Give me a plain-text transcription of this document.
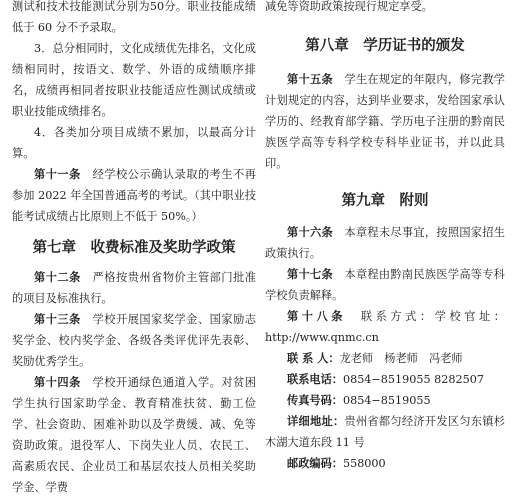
测试和技术技能测试分别为50分。职业技能成绩低于 60 分不予录取。

3．总分相同时，文化成绩优先排名，文化成绩相同时，按语文、数学、外语的成绩顺序排名，成绩再相同者按职业技能适应性测试成绩或职业技能成绩排名。

4．各类加分项目成绩不累加，以最高分计算。

第十一条　 经学校公示确认录取的考生不再参加 2022 年全国普通高考的考试。（其中职业技能考试成绩占比原则上不低于 50%。）

第七章　收费标准及奖助学政策

第十二条　 严格按贵州省物价主管部门批准的项目及标准执行。

第十三条　 学校开展国家奖学金、国家励志奖学金、校内奖学金、各级各类评优评先表彰、奖励优秀学生。

第十四条　 学校开通绿色通道入学。对贫困学生执行国家助学金、教育精准扶贫、勤工俭学、社会资助、困难补助以及学费缓、减、免等资助政策。退役军人、下岗失业人员、农民工、高素质农民、企业员工和基层农技人员相关奖助学金、学费

减免等资助政策按现行规定享受。

第八章　学历证书的颁发

第十五条　 学生在规定的年限内，修完教学计划规定的内容，达到毕业要求，发给国家承认学历的、经教育部学籍、学历电子注册的黔南民族医学高等专科学校专科毕业证书，并以此具印。

第九章　附则

第十六条　 本章程未尽事宜，按照国家招生政策执行。

第十七条　 本章程由黔南民族医学高等专科学校负责解释。

第十八条　 联系方式：学校官址：http://www.qnmc.cn

联 系 人：龙老师　杨老师　冯老师

联系电话：0854−8519055 8282507

传真号码：0854−8519055

详细地址：贵州省都匀经济开发区匀东镇杉木湖大道东段 11 号

邮政编码：558000
